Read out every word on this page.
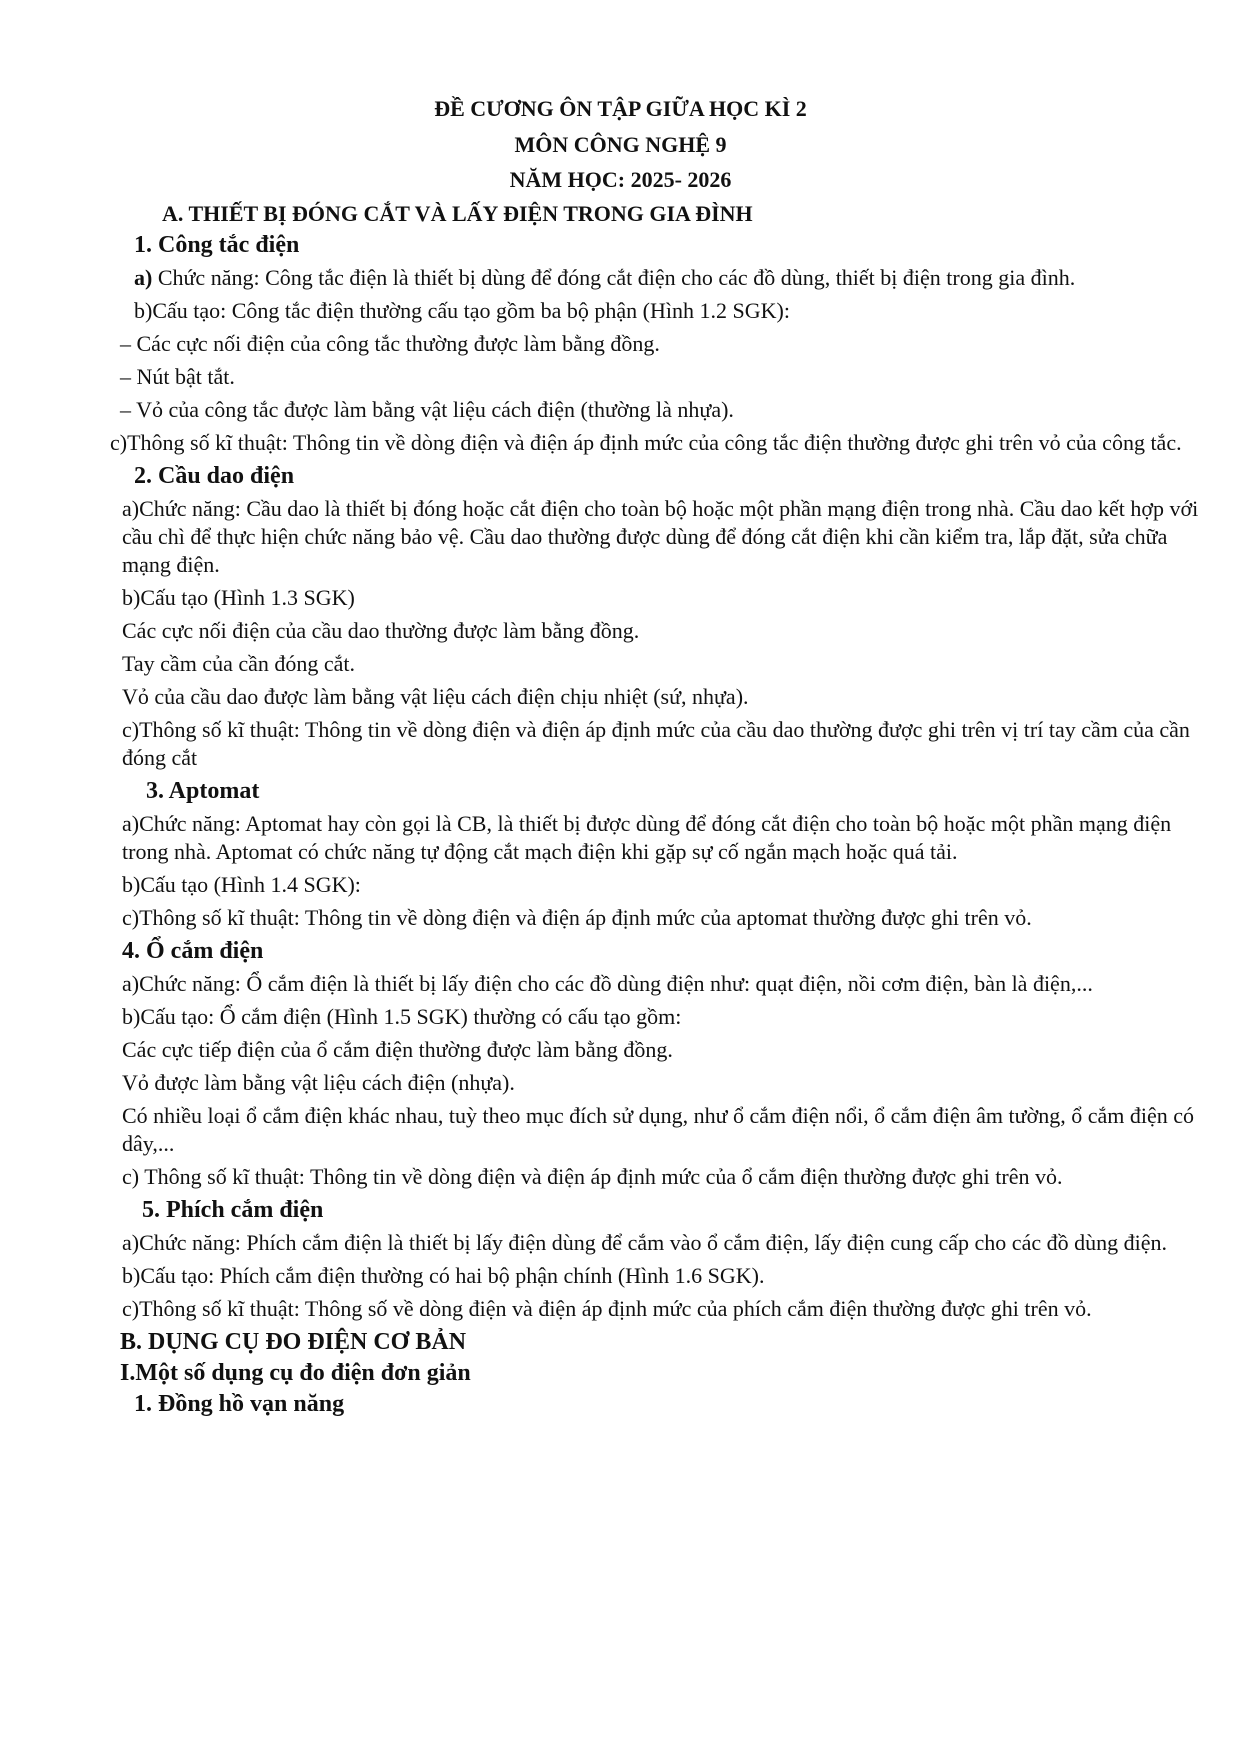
ĐỀ CƯƠNG ÔN TẬP GIỮA HỌC KÌ 2
MÔN CÔNG NGHỆ 9
NĂM HỌC: 2025- 2026
A. THIẾT BỊ ĐÓNG CẮT VÀ LẤY ĐIỆN TRONG GIA ĐÌNH
1. Công tắc điện
a) Chức năng: Công tắc điện là thiết bị dùng để đóng cắt điện cho các đồ dùng, thiết bị điện trong gia đình.
b)Cấu tạo: Công tắc điện thường cấu tạo gồm ba bộ phận (Hình 1.2 SGK):
– Các cực nối điện của công tắc thường được làm bằng đồng.
– Nút bật tắt.
– Vỏ của công tắc được làm bằng vật liệu cách điện (thường là nhựa).
c)Thông số kĩ thuật: Thông tin về dòng điện và điện áp định mức của công tắc điện thường được ghi trên vỏ của công tắc.
2. Cầu dao điện
a)Chức năng: Cầu dao là thiết bị đóng hoặc cắt điện cho toàn bộ hoặc một phần mạng điện trong nhà. Cầu dao kết hợp với cầu chì để thực hiện chức năng bảo vệ. Cầu dao thường được dùng để đóng cắt điện khi cần kiểm tra, lắp đặt, sửa chữa mạng điện.
b)Cấu tạo (Hình 1.3 SGK)
Các cực nối điện của cầu dao thường được làm bằng đồng.
Tay cầm của cần đóng cắt.
Vỏ của cầu dao được làm bằng vật liệu cách điện chịu nhiệt (sứ, nhựa).
c)Thông số kĩ thuật: Thông tin về dòng điện và điện áp định mức của cầu dao thường được ghi trên vị trí tay cầm của cần đóng cắt
3. Aptomat
a)Chức năng: Aptomat hay còn gọi là CB, là thiết bị được dùng để đóng cắt điện cho toàn bộ hoặc một phần mạng điện trong nhà. Aptomat có chức năng tự động cắt mạch điện khi gặp sự cố ngắn mạch hoặc quá tải.
b)Cấu tạo (Hình 1.4 SGK):
c)Thông số kĩ thuật: Thông tin về dòng điện và điện áp định mức của aptomat thường được ghi trên vỏ.
4. Ổ cắm điện
a)Chức năng: Ổ cắm điện là thiết bị lấy điện cho các đồ dùng điện như: quạt điện, nồi cơm điện, bàn là điện,...
b)Cấu tạo: Ổ cắm điện (Hình 1.5 SGK) thường có cấu tạo gồm:
Các cực tiếp điện của ổ cắm điện thường được làm bằng đồng.
Vỏ được làm bằng vật liệu cách điện (nhựa).
Có nhiều loại ổ cắm điện khác nhau, tuỳ theo mục đích sử dụng, như ổ cắm điện nổi, ổ cắm điện âm tường, ổ cắm điện có dây,...
c) Thông số kĩ thuật: Thông tin về dòng điện và điện áp định mức của ổ cắm điện thường được ghi trên vỏ.
5. Phích cắm điện
a)Chức năng: Phích cắm điện là thiết bị lấy điện dùng để cắm vào ổ cắm điện, lấy điện cung cấp cho các đồ dùng điện.
b)Cấu tạo: Phích cắm điện thường có hai bộ phận chính (Hình 1.6 SGK).
c)Thông số kĩ thuật: Thông số về dòng điện và điện áp định mức của phích cắm điện thường được ghi trên vỏ.
B. DỤNG CỤ ĐO ĐIỆN CƠ BẢN
I.Một số dụng cụ đo điện đơn giản
1. Đồng hồ vạn năng
